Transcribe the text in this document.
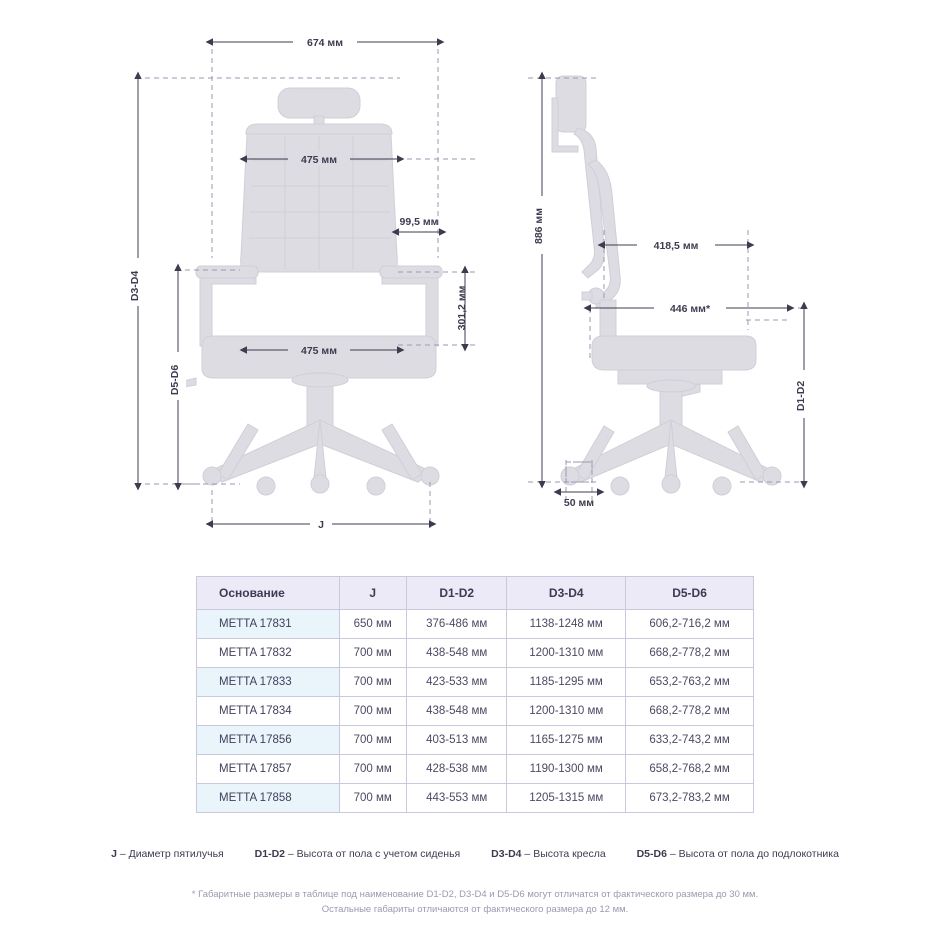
674 мм
475 мм
99,5 мм
301,2 мм
475 мм
D3-D4
D5-D6
J
886 мм
418,5 мм
446 мм*
D1-D2
50 мм
Основание	J	D1-D2	D3-D4	D5-D6
METTA 17831	650 мм	376-486 мм	1138-1248 мм	606,2-716,2 мм
METTA 17832	700 мм	438-548 мм	1200-1310 мм	668,2-778,2 мм
METTA 17833	700 мм	423-533 мм	1185-1295 мм	653,2-763,2 мм
METTA 17834	700 мм	438-548 мм	1200-1310 мм	668,2-778,2 мм
METTA 17856	700 мм	403-513 мм	1165-1275 мм	633,2-743,2 мм
METTA 17857	700 мм	428-538 мм	1190-1300 мм	658,2-768,2 мм
METTA 17858	700 мм	443-553 мм	1205-1315 мм	673,2-783,2 мм
J – Диаметр пятилучья	D1-D2 – Высота от пола с учетом сиденья	D3-D4 – Высота кресла	D5-D6 – Высота от пола до подлокотника
* Габаритные размеры в таблице под наименование D1-D2, D3-D4 и D5-D6 могут отличатся от фактического размера до 30 мм.
Остальные габариты отличаются от фактического размера до 12 мм.
